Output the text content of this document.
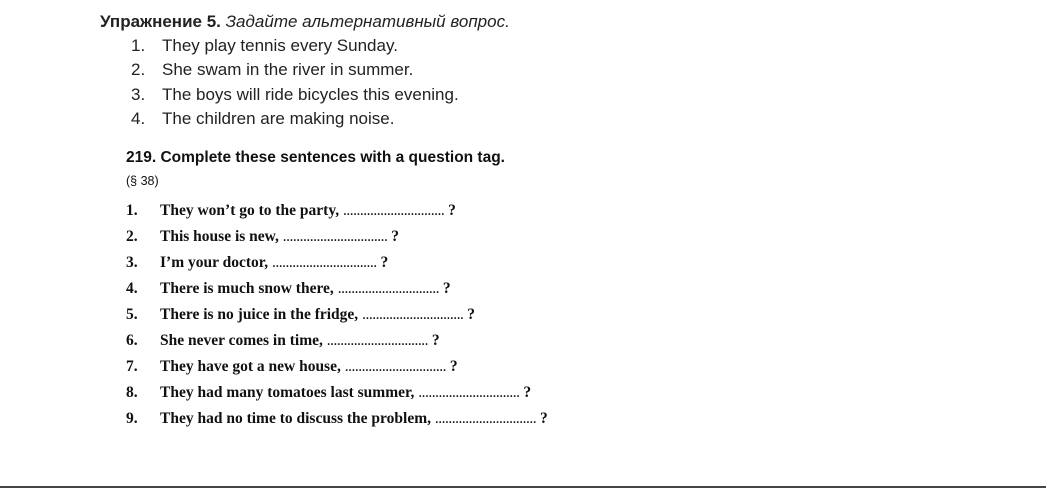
Упражнение 5. Задайте альтернативный вопрос.

1. They play tennis every Sunday.
2. She swam in the river in summer.
3. The boys will ride bicycles this evening.
4. The children are making noise.

219. Complete these sentences with a question tag.

(§ 38)
1. They won’t go to the party, .............................. ?
2. This house is new, ............................... ?
3. I’m your doctor, ............................... ?
4. There is much snow there, .............................. ?
5. There is no juice in the fridge, .............................. ?
6. She never comes in time, .............................. ?
7. They have got a new house, .............................. ?
8. They had many tomatoes last summer, .............................. ?
9. They had no time to discuss the problem, .............................. ?
